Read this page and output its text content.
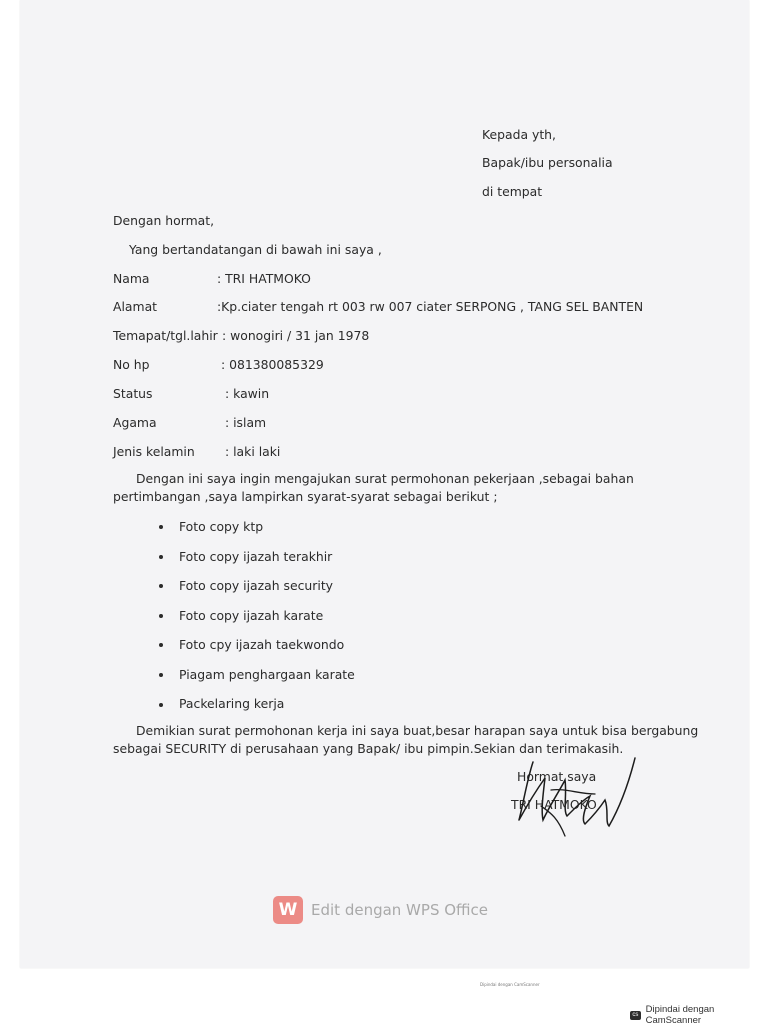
Kepada yth,
Bapak/ibu personalia
di tempat
Dengan hormat,
Yang bertandatangan di bawah ini saya ,
Nama	: TRI HATMOKO
Alamat	:Kp.ciater tengah rt 003 rw 007 ciater SERPONG , TANG SEL BANTEN
Temapat/tgl.lahir : wonogiri / 31 jan 1978
No hp	: 081380085329
Status	: kawin
Agama	: islam
Jenis kelamin : laki laki
Dengan ini saya ingin mengajukan surat permohonan pekerjaan ,sebagai bahan
pertimbangan ,saya lampirkan syarat-syarat sebagai berikut ;
Foto copy ktp
Foto copy ijazah terakhir
Foto copy ijazah security
Foto copy ijazah karate
Foto cpy ijazah taekwondo
Piagam penghargaan karate
Packelaring kerja
Demikian surat permohonan kerja ini saya buat,besar harapan saya untuk bisa bergabung
sebagai SECURITY di perusahaan yang Bapak/ ibu pimpin.Sekian dan terimakasih.
Hormat saya
TRI HATMOKO
W Edit dengan WPS Office
Dipindai dengan CamScanner
cs Dipindai dengan CamScanner
